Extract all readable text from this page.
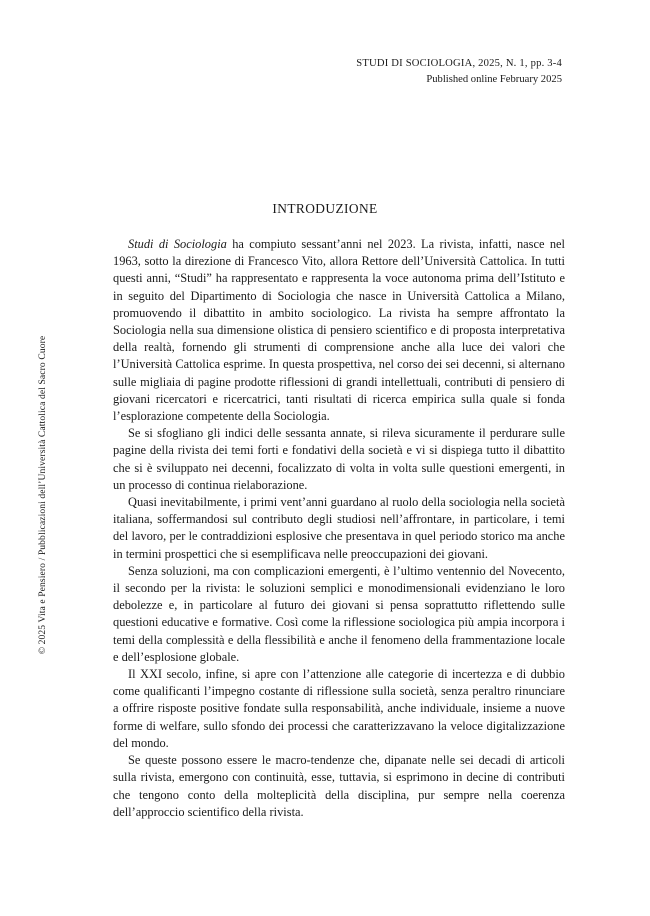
STUDI DI SOCIOLOGIA, 2025, N. 1, pp. 3-4
Published online February 2025
INTRODUZIONE

Studi di Sociologia ha compiuto sessant’anni nel 2023. La rivista, infatti, nasce nel 1963, sotto la direzione di Francesco Vito, allora Rettore dell’Università Cattolica. In tutti questi anni, “Studi” ha rappresentato e rappresenta la voce autonoma prima dell’Istituto e in seguito del Dipartimento di Sociologia che nasce in Università Cattolica a Milano, promuovendo il dibattito in ambito sociologico. La rivista ha sempre affrontato la Sociologia nella sua dimensione olistica di pensiero scientifico e di proposta interpretativa della realtà, fornendo gli strumenti di comprensione anche alla luce dei valori che l’Università Cattolica esprime. In questa prospettiva, nel corso dei sei decenni, si alternano sulle migliaia di pagine prodotte riflessioni di grandi intellettuali, contributi di pensiero di giovani ricercatori e ricercatrici, tanti risultati di ricerca empirica sulla quale si fonda l’esplorazione competente della Sociologia.

Se si sfogliano gli indici delle sessanta annate, si rileva sicuramente il perdurare sulle pagine della rivista dei temi forti e fondativi della società e vi si dispiega tutto il dibattito che si è sviluppato nei decenni, focalizzato di volta in volta sulle questioni emergenti, in un processo di continua rielaborazione.

Quasi inevitabilmente, i primi vent’anni guardano al ruolo della sociologia nella società italiana, soffermandosi sul contributo degli studiosi nell’affrontare, in particolare, i temi del lavoro, per le contraddizioni esplosive che presentava in quel periodo storico ma anche in termini prospettici che si esemplificava nelle preoccupazioni dei giovani.

Senza soluzioni, ma con complicazioni emergenti, è l’ultimo ventennio del Novecento, il secondo per la rivista: le soluzioni semplici e monodimensionali evidenziano le loro debolezze e, in particolare al futuro dei giovani si pensa soprattutto riflettendo sulle questioni educative e formative. Così come la riflessione sociologica più ampia incorpora i temi della complessità e della flessibilità e anche il fenomeno della frammentazione locale e dell’esplosione globale.

Il XXI secolo, infine, si apre con l’attenzione alle categorie di incertezza e di dubbio come qualificanti l’impegno costante di riflessione sulla società, senza peraltro rinunciare a offrire risposte positive fondate sulla responsabilità, anche individuale, insieme a nuove forme di welfare, sullo sfondo dei processi che caratterizzavano la veloce digitalizzazione del mondo.

Se queste possono essere le macro-tendenze che, dipanate nelle sei decadi di articoli sulla rivista, emergono con continuità, esse, tuttavia, si esprimono in decine di contributi che tengono conto della molteplicità della disciplina, pur sempre nella coerenza dell’approccio scientifico della rivista.

© 2025 Vita e Pensiero / Pubblicazioni dell’Università Cattolica del Sacro Cuore
